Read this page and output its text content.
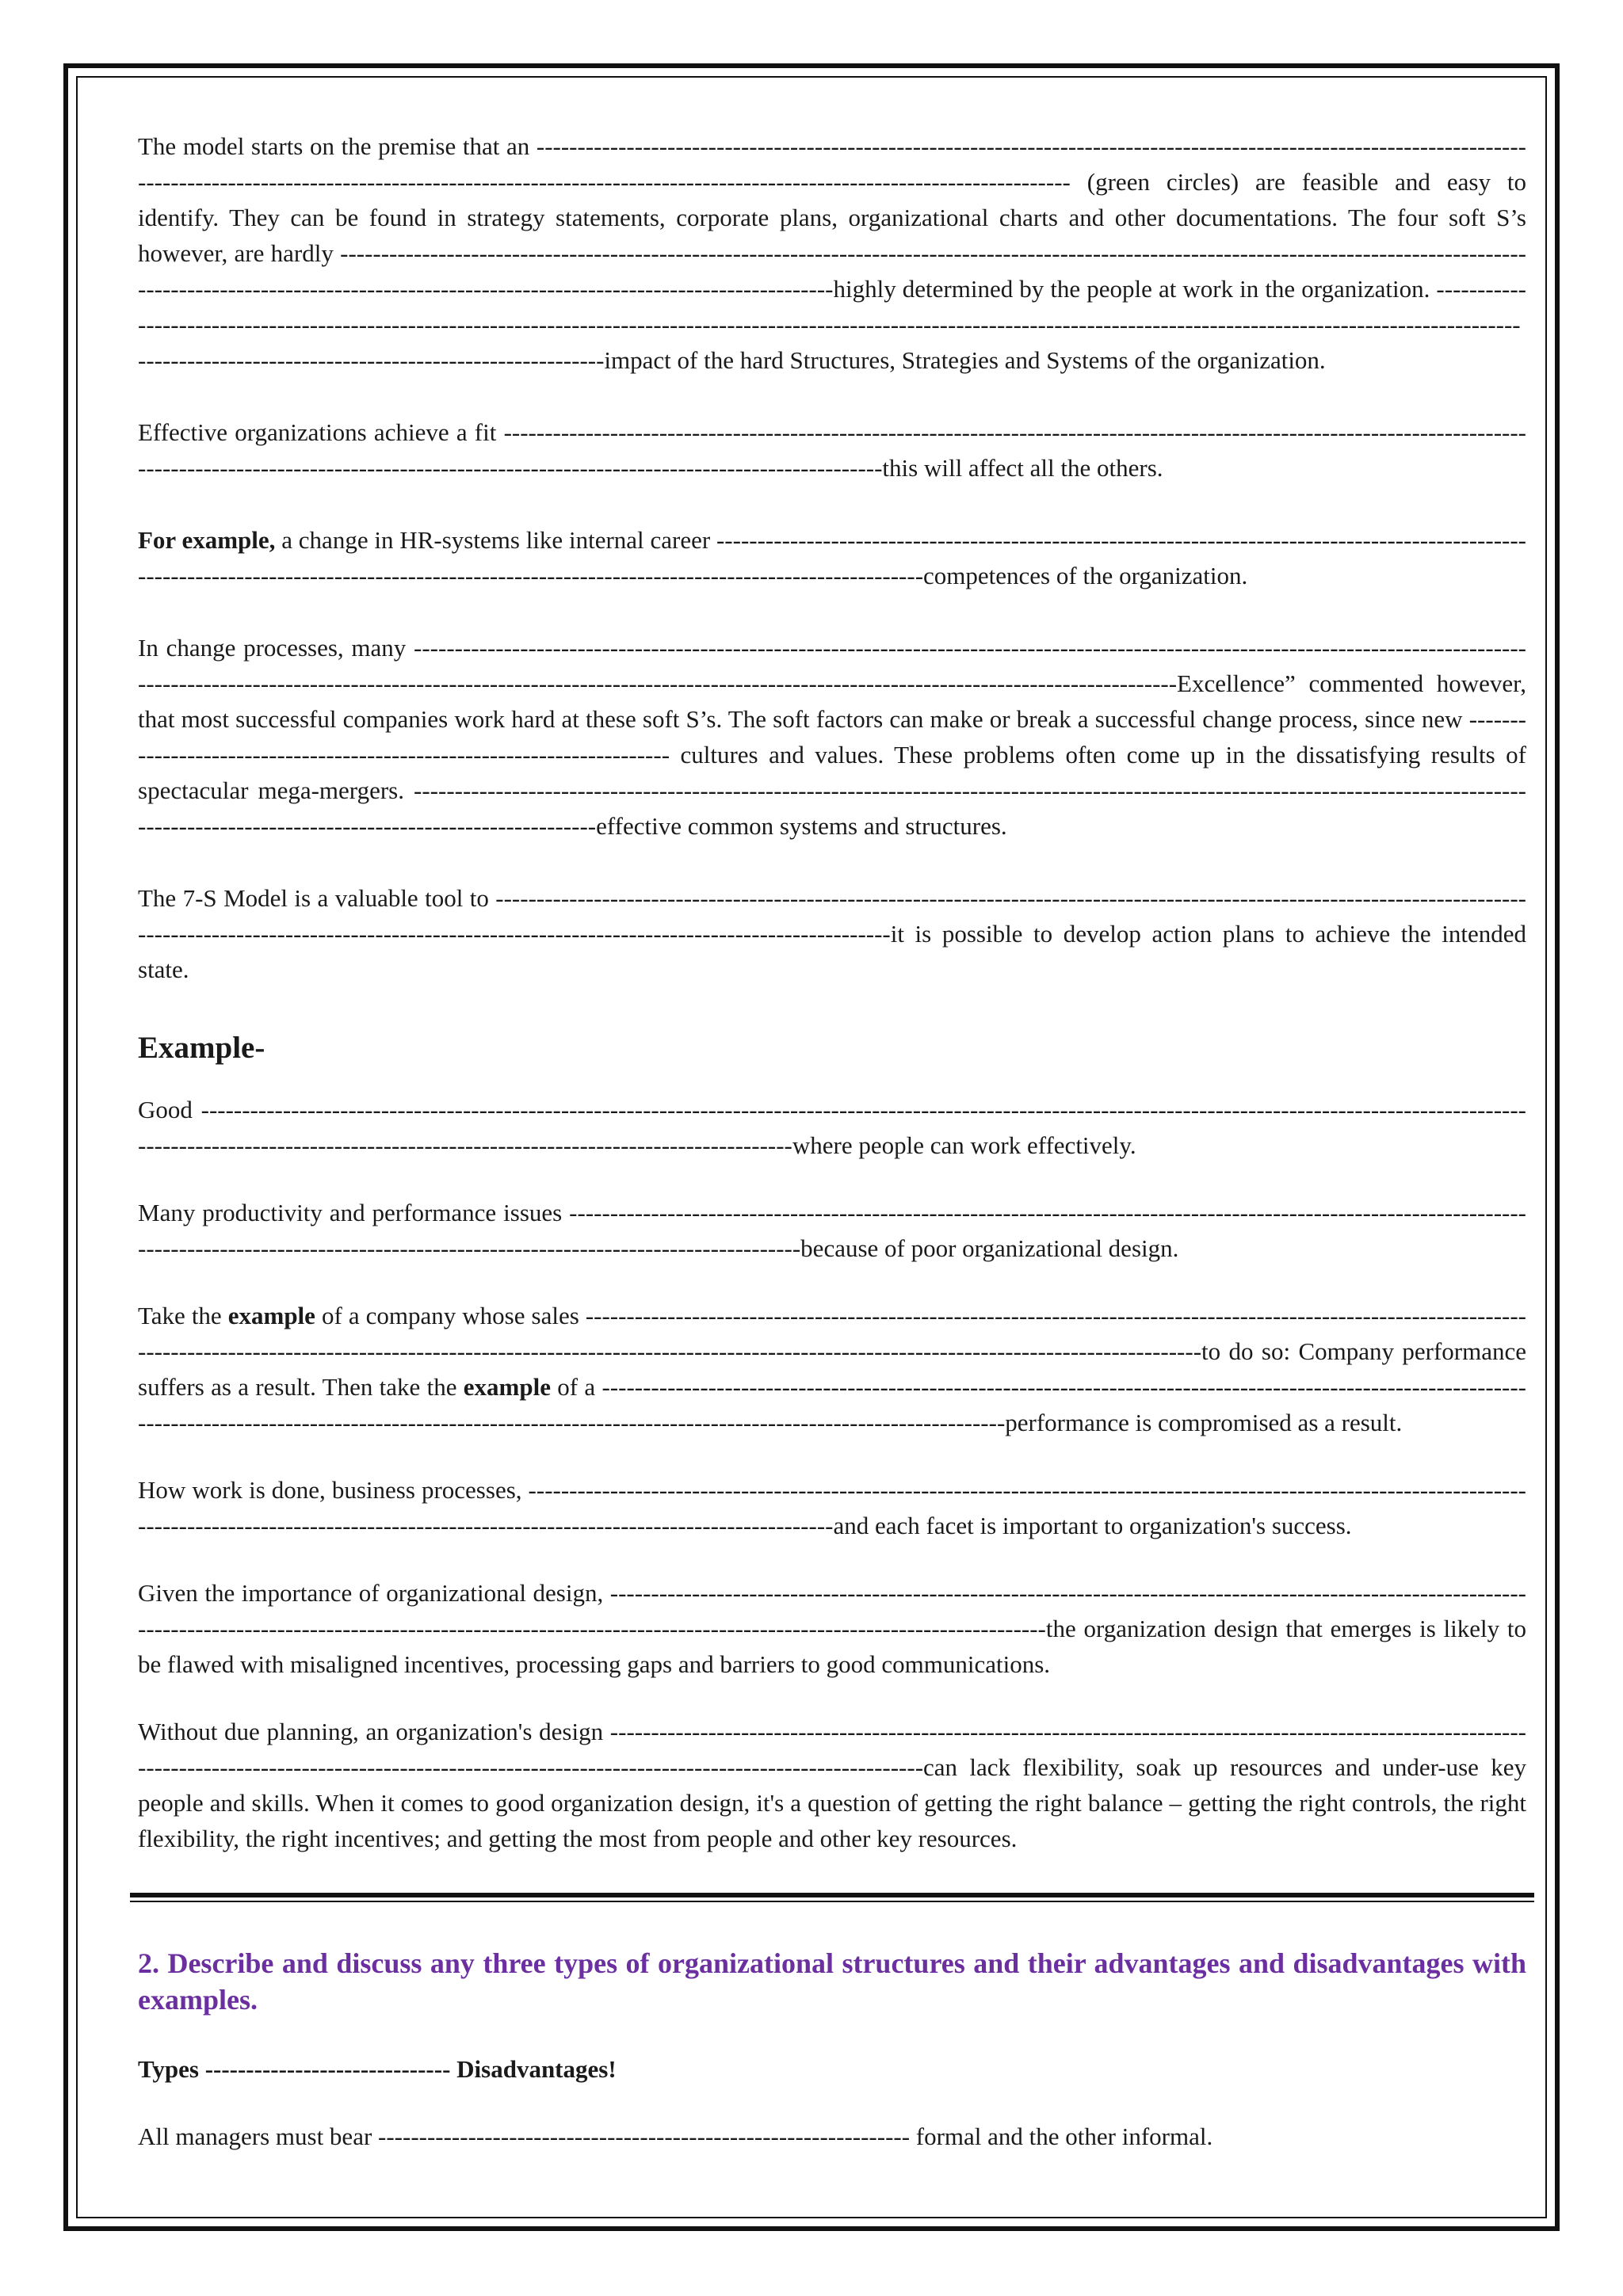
The model starts on the premise that an ------------------------------------------------------------------------------------------------------------------------------------------------------------------------------------------------------------------------------------------- (green circles) are feasible and easy to identify. They can be found in strategy statements, corporate plans, organizational charts and other documentations. The four soft S’s however, are hardly --------------------------------------------------------------------------------------------------------------------------------------------------------------------------------------------------------------------------------------highly determined by the people at work in the organization. ---------------------------------------------------------------------------------------------------------------------------------------------------------------------------------------------------------------------------------------------impact of the hard Structures, Strategies and Systems of the organization.

Effective organizations achieve a fit ------------------------------------------------------------------------------------------------------------------------------------------------------------------------------------------------------------------------this will affect all the others.

For example, a change in HR-systems like internal career ---------------------------------------------------------------------------------------------------------------------------------------------------------------------------------------------------competences of the organization.

In change processes, many -----------------------------------------------------------------------------------------------------------------------------------------------------------------------------------------------------------------------------------------------------------------------Excellence” commented however, that most successful companies work hard at these soft S’s. The soft factors can make or break a successful change process, since new ------------------------------------------------------------------------ cultures and values. These problems often come up in the dissatisfying results of spectacular mega-mergers. ------------------------------------------------------------------------------------------------------------------------------------------------------------------------------------------------effective common systems and structures.

The 7-S Model is a valuable tool to --------------------------------------------------------------------------------------------------------------------------------------------------------------------------------------------------------------------------it is possible to develop action plans to achieve the intended state.

Example-

Good --------------------------------------------------------------------------------------------------------------------------------------------------------------------------------------------------------------------------------------------------where people can work effectively.

Many productivity and performance issues ------------------------------------------------------------------------------------------------------------------------------------------------------------------------------------------------------because of poor organizational design.

Take the example of a company whose sales -----------------------------------------------------------------------------------------------------------------------------------------------------------------------------------------------------------------------------------------------------to do so: Company performance suffers as a result. Then take the example of a ---------------------------------------------------------------------------------------------------------------------------------------------------------------------------------------------------------------------------performance is compromised as a result.

How work is done, business processes, ---------------------------------------------------------------------------------------------------------------------------------------------------------------------------------------------------------------and each facet is important to organization's success.

Given the importance of organizational design, -------------------------------------------------------------------------------------------------------------------------------------------------------------------------------------------------------------------------------the organization design that emerges is likely to be flawed with misaligned incentives, processing gaps and barriers to good communications.

Without due planning, an organization's design ----------------------------------------------------------------------------------------------------------------------------------------------------------------------------------------------------------------can lack flexibility, soak up resources and under-use key people and skills. When it comes to good organization design, it's a question of getting the right balance – getting the right controls, the right flexibility, the right incentives; and getting the most from people and other key resources.

2. Describe and discuss any three types of organizational structures and their advantages and disadvantages with examples.

Types ------------------------------ Disadvantages!

All managers must bear ----------------------------------------------------------------- formal and the other informal.
